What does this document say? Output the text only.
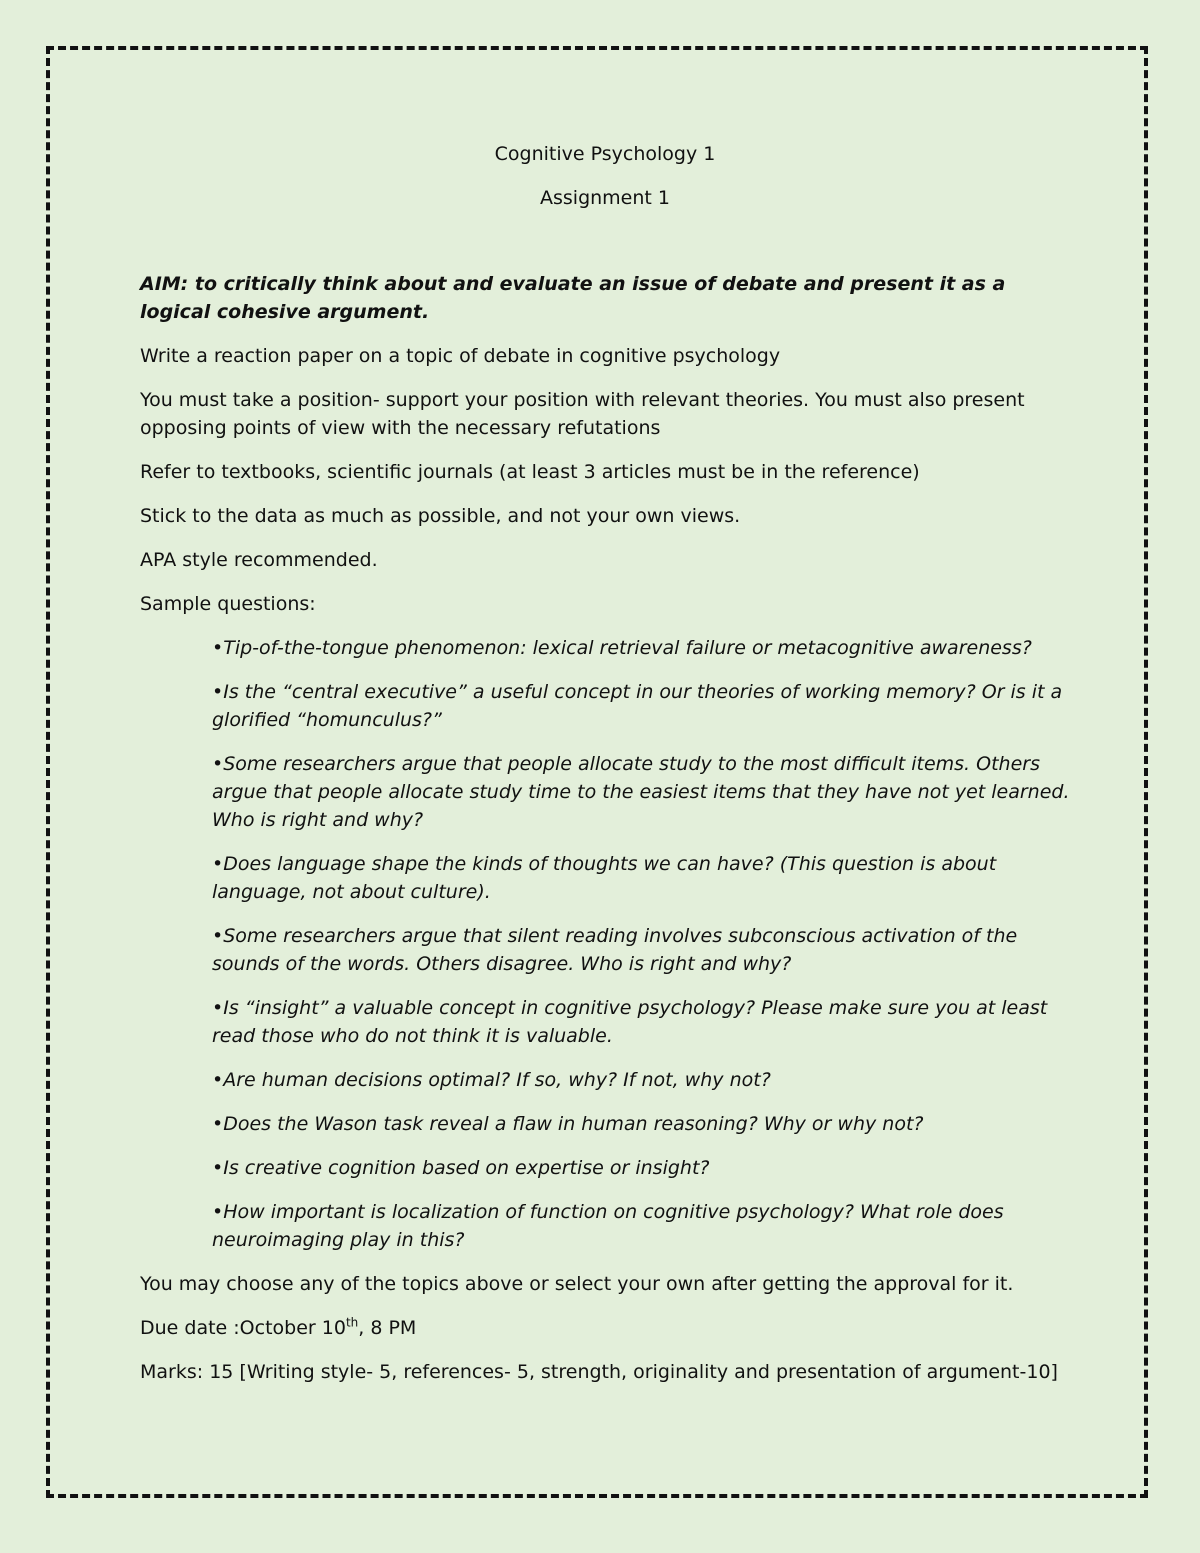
Cognitive Psychology 1

Assignment 1

AIM: to critically think about and evaluate an issue of debate and present it as a logical cohesive argument.

Write a reaction paper on a topic of debate in cognitive psychology

You must take a position- support your position with relevant theories. You must also present opposing points of view with the necessary refutations

Refer to textbooks, scientific journals (at least 3 articles must be in the reference)

Stick to the data as much as possible, and not your own views.

APA style recommended.

Sample questions:

•Tip-of-the-tongue phenomenon: lexical retrieval failure or metacognitive awareness?
•Is the “central executive” a useful concept in our theories of working memory? Or is it a glorified “homunculus?”
•Some researchers argue that people allocate study to the most difficult items. Others argue that people allocate study time to the easiest items that they have not yet learned. Who is right and why?
•Does language shape the kinds of thoughts we can have? (This question is about language, not about culture).
•Some researchers argue that silent reading involves subconscious activation of the sounds of the words. Others disagree. Who is right and why?
•Is “insight” a valuable concept in cognitive psychology? Please make sure you at least read those who do not think it is valuable.
•Are human decisions optimal? If so, why? If not, why not?
•Does the Wason task reveal a flaw in human reasoning? Why or why not?
•Is creative cognition based on expertise or insight?
•How important is localization of function on cognitive psychology? What role does neuroimaging play in this?

You may choose any of the topics above or select your own after getting the approval for it.

Due date :October 10th, 8 PM

Marks: 15 [Writing style- 5, references- 5, strength, originality and presentation of argument-10]
